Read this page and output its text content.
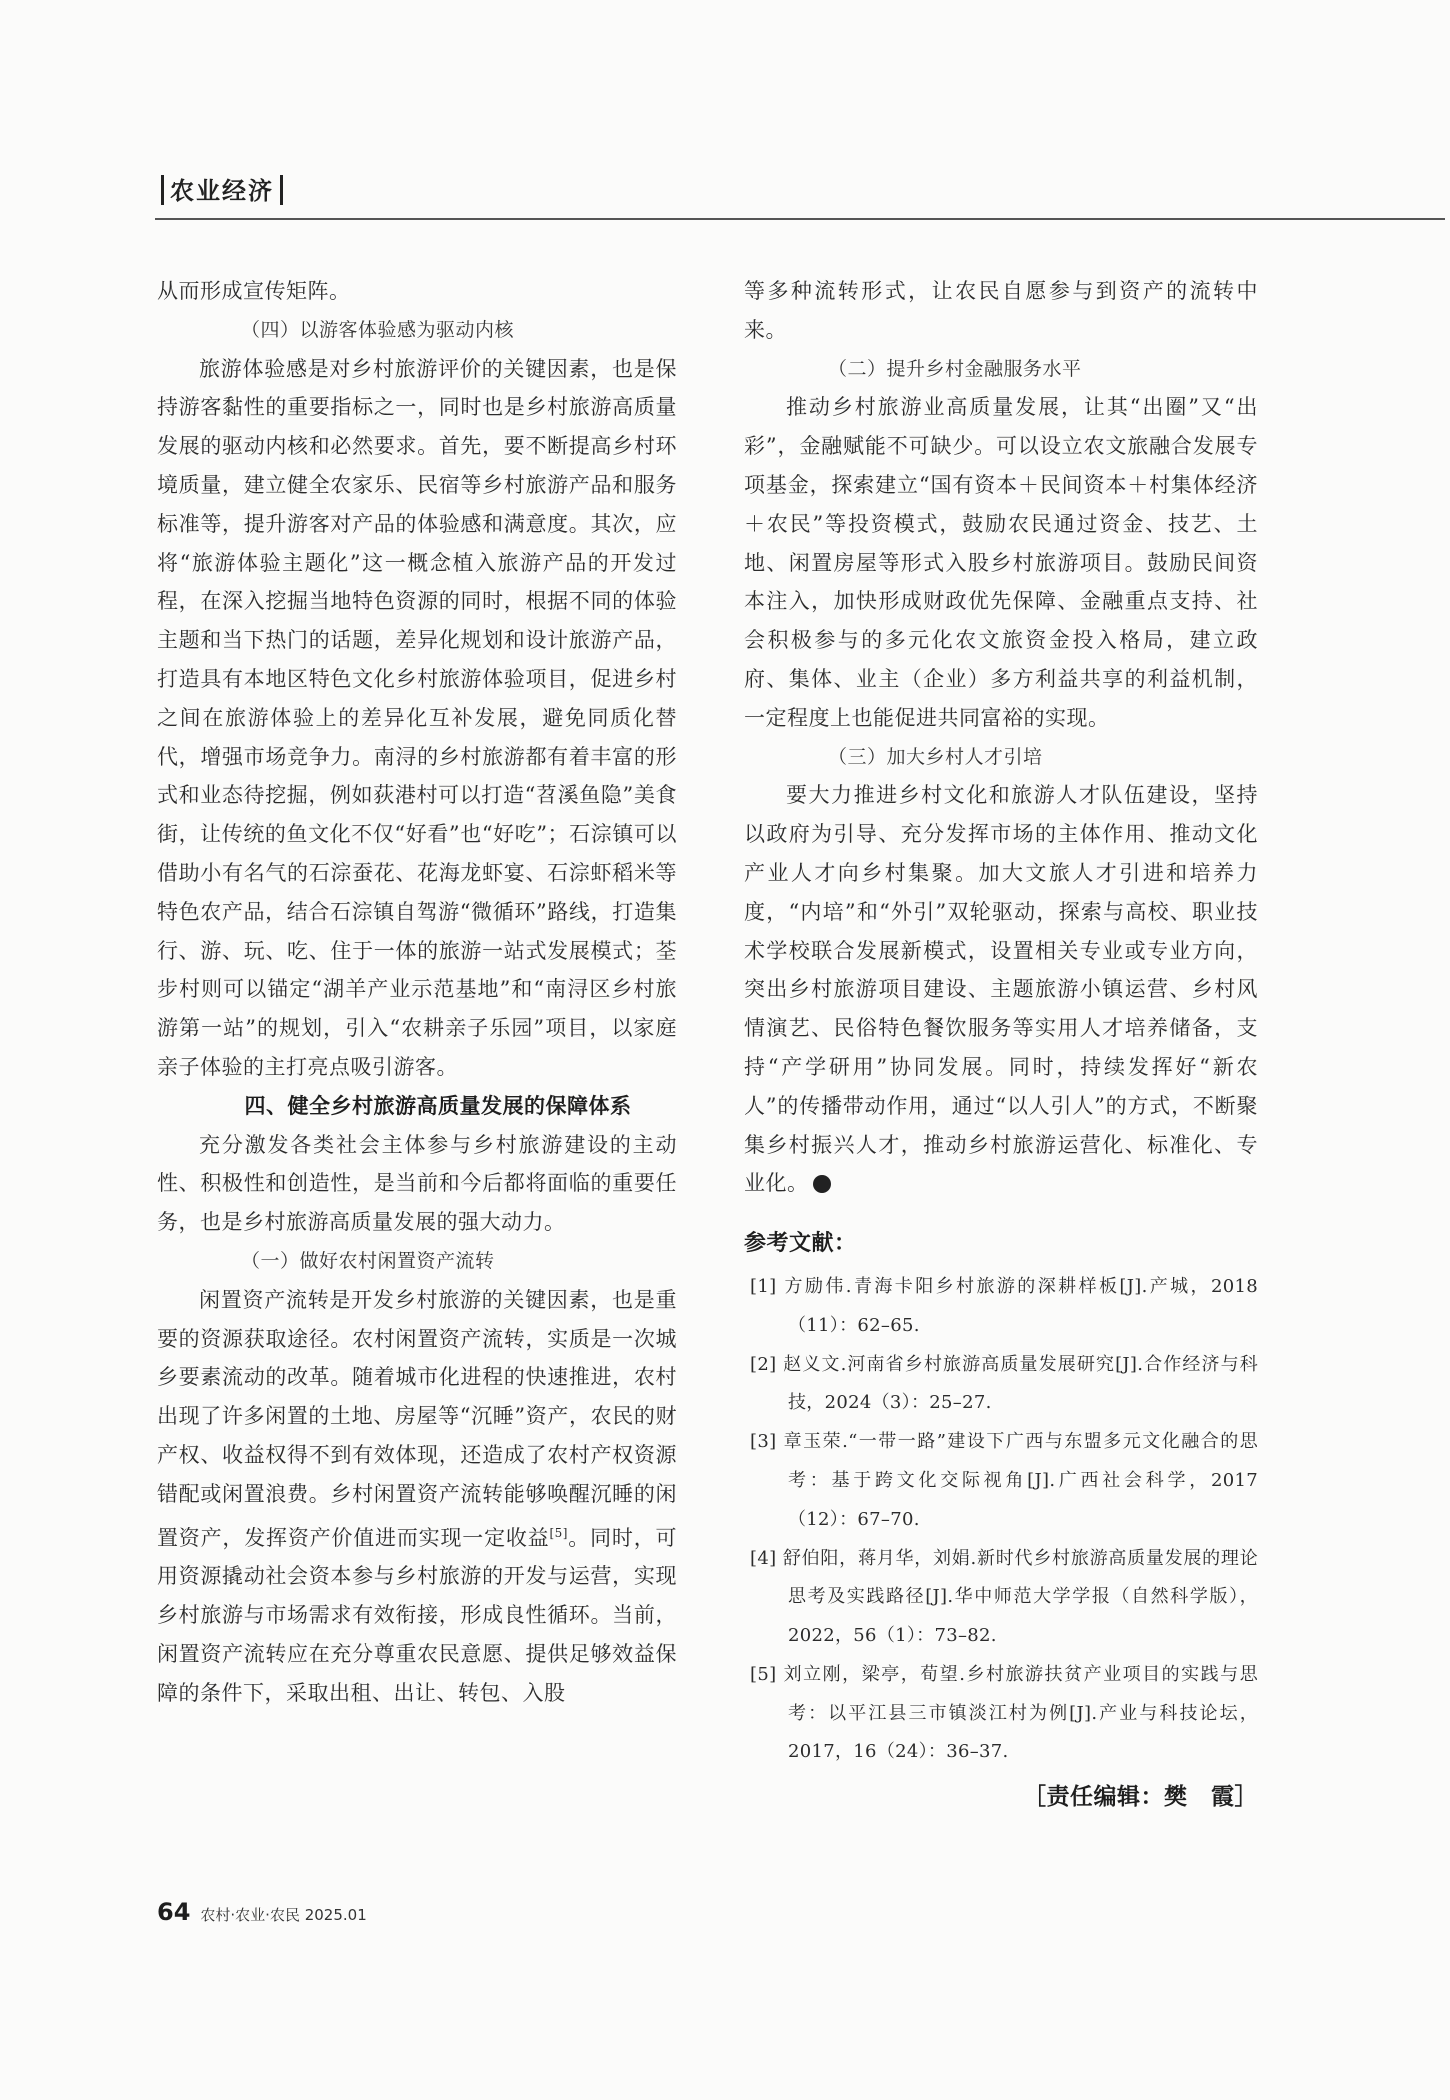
农业经济

从而形成宣传矩阵。

（四）以游客体验感为驱动内核

旅游体验感是对乡村旅游评价的关键因素，也是保持游客黏性的重要指标之一，同时也是乡村旅游高质量发展的驱动内核和必然要求。首先，要不断提高乡村环境质量，建立健全农家乐、民宿等乡村旅游产品和服务标准等，提升游客对产品的体验感和满意度。其次，应将“旅游体验主题化”这一概念植入旅游产品的开发过程，在深入挖掘当地特色资源的同时，根据不同的体验主题和当下热门的话题，差异化规划和设计旅游产品，打造具有本地区特色文化乡村旅游体验项目，促进乡村之间在旅游体验上的差异化互补发展，避免同质化替代，增强市场竞争力。南浔的乡村旅游都有着丰富的形式和业态待挖掘，例如荻港村可以打造“苕溪鱼隐”美食街，让传统的鱼文化不仅“好看”也“好吃”；石淙镇可以借助小有名气的石淙蚕花、花海龙虾宴、石淙虾稻米等特色农产品，结合石淙镇自驾游“微循环”路线，打造集行、游、玩、吃、住于一体的旅游一站式发展模式；荃步村则可以锚定“湖羊产业示范基地”和“南浔区乡村旅游第一站”的规划，引入“农耕亲子乐园”项目，以家庭亲子体验的主打亮点吸引游客。

四、健全乡村旅游高质量发展的保障体系

充分激发各类社会主体参与乡村旅游建设的主动性、积极性和创造性，是当前和今后都将面临的重要任务，也是乡村旅游高质量发展的强大动力。

（一）做好农村闲置资产流转

闲置资产流转是开发乡村旅游的关键因素，也是重要的资源获取途径。农村闲置资产流转，实质是一次城乡要素流动的改革。随着城市化进程的快速推进，农村出现了许多闲置的土地、房屋等“沉睡”资产，农民的财产权、收益权得不到有效体现，还造成了农村产权资源错配或闲置浪费。乡村闲置资产流转能够唤醒沉睡的闲置资产，发挥资产价值进而实现一定收益[5]。同时，可用资源撬动社会资本参与乡村旅游的开发与运营，实现乡村旅游与市场需求有效衔接，形成良性循环。当前，闲置资产流转应在充分尊重农民意愿、提供足够效益保障的条件下，采取出租、出让、转包、入股

等多种流转形式，让农民自愿参与到资产的流转中来。

（二）提升乡村金融服务水平

推动乡村旅游业高质量发展，让其“出圈”又“出彩”，金融赋能不可缺少。可以设立农文旅融合发展专项基金，探索建立“国有资本＋民间资本＋村集体经济＋农民”等投资模式，鼓励农民通过资金、技艺、土地、闲置房屋等形式入股乡村旅游项目。鼓励民间资本注入，加快形成财政优先保障、金融重点支持、社会积极参与的多元化农文旅资金投入格局，建立政府、集体、业主（企业）多方利益共享的利益机制，一定程度上也能促进共同富裕的实现。

（三）加大乡村人才引培

要大力推进乡村文化和旅游人才队伍建设，坚持以政府为引导、充分发挥市场的主体作用、推动文化产业人才向乡村集聚。加大文旅人才引进和培养力度，“内培”和“外引”双轮驱动，探索与高校、职业技术学校联合发展新模式，设置相关专业或专业方向，突出乡村旅游项目建设、主题旅游小镇运营、乡村风情演艺、民俗特色餐饮服务等实用人才培养储备，支持“产学研用”协同发展。同时，持续发挥好“新农人”的传播带动作用，通过“以人引人”的方式，不断聚集乡村振兴人才，推动乡村旅游运营化、标准化、专业化。

参考文献：
[1] 方励伟.青海卡阳乡村旅游的深耕样板[J].产城，2018（11）：62–65.
[2] 赵义文.河南省乡村旅游高质量发展研究[J].合作经济与科技，2024（3）：25–27.
[3] 章玉荣.“一带一路”建设下广西与东盟多元文化融合的思考：基于跨文化交际视角[J].广西社会科学，2017（12）：67–70.
[4] 舒伯阳，蒋月华，刘娟.新时代乡村旅游高质量发展的理论思考及实践路径[J].华中师范大学学报（自然科学版），2022，56（1）：73–82.
[5] 刘立刚，梁亭，荀望.乡村旅游扶贫产业项目的实践与思考：以平江县三市镇淡江村为例[J].产业与科技论坛，2017，16（24）：36–37.
［责任编辑：樊　霞］
64 农村·农业·农民 2025.01
